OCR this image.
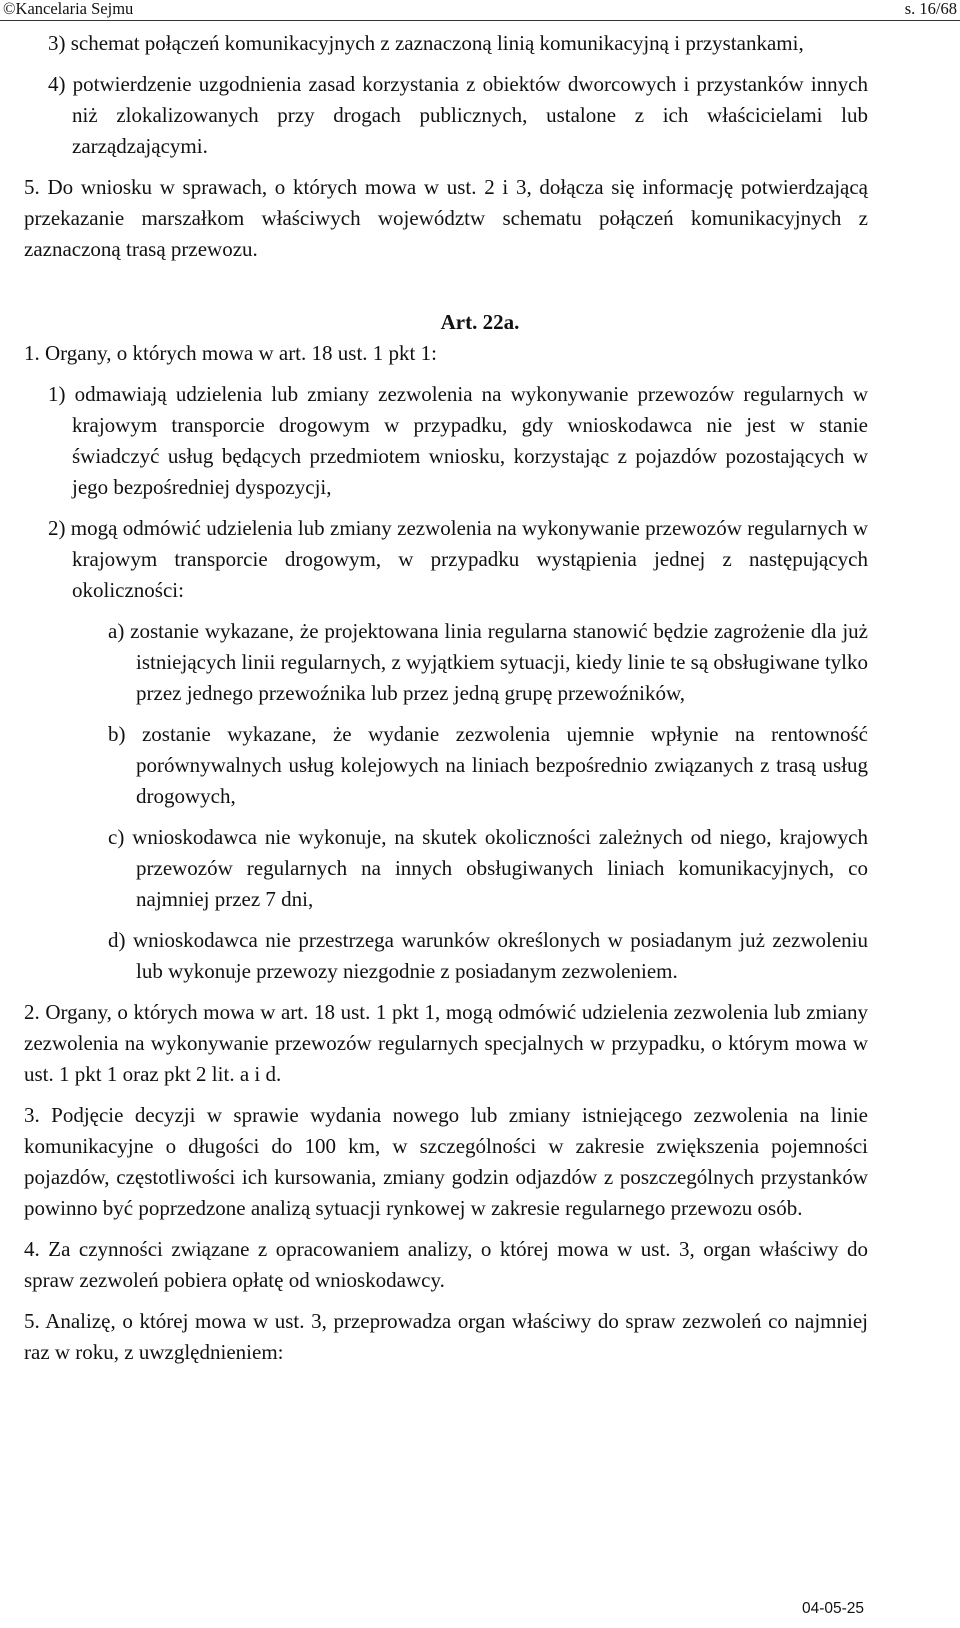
©Kancelaria Sejmu	s. 16/68

3) schemat połączeń komunikacyjnych z zaznaczoną linią komunikacyjną i przystankami,

4) potwierdzenie uzgodnienia zasad korzystania z obiektów dworcowych i przystanków innych niż zlokalizowanych przy drogach publicznych, ustalone z ich właścicielami lub zarządzającymi.

5. Do wniosku w sprawach, o których mowa w ust. 2 i 3, dołącza się informację potwierdzającą przekazanie marszałkom właściwych województw schematu połączeń komunikacyjnych z zaznaczoną trasą przewozu.

Art. 22a.

1. Organy, o których mowa w art. 18 ust. 1 pkt 1:

1) odmawiają udzielenia lub zmiany zezwolenia na wykonywanie przewozów regularnych w krajowym transporcie drogowym w przypadku, gdy wnioskodawca nie jest w stanie świadczyć usług będących przedmiotem wniosku, korzystając z pojazdów pozostających w jego bezpośredniej dyspozycji,

2) mogą odmówić udzielenia lub zmiany zezwolenia na wykonywanie przewozów regularnych w krajowym transporcie drogowym, w przypadku wystąpienia jednej z następujących okoliczności:

a) zostanie wykazane, że projektowana linia regularna stanowić będzie zagrożenie dla już istniejących linii regularnych, z wyjątkiem sytuacji, kiedy linie te są obsługiwane tylko przez jednego przewoźnika lub przez jedną grupę przewoźników,

b) zostanie wykazane, że wydanie zezwolenia ujemnie wpłynie na rentowność porównywalnych usług kolejowych na liniach bezpośrednio związanych z trasą usług drogowych,

c) wnioskodawca nie wykonuje, na skutek okoliczności zależnych od niego, krajowych przewozów regularnych na innych obsługiwanych liniach komunikacyjnych, co najmniej przez 7 dni,

d) wnioskodawca nie przestrzega warunków określonych w posiadanym już zezwoleniu lub wykonuje przewozy niezgodnie z posiadanym zezwoleniem.

2. Organy, o których mowa w art. 18 ust. 1 pkt 1, mogą odmówić udzielenia zezwolenia lub zmiany zezwolenia na wykonywanie przewozów regularnych specjalnych w przypadku, o którym mowa w ust. 1 pkt 1 oraz pkt 2 lit. a i d.

3. Podjęcie decyzji w sprawie wydania nowego lub zmiany istniejącego zezwolenia na linie komunikacyjne o długości do 100 km, w szczególności w zakresie zwiększenia pojemności pojazdów, częstotliwości ich kursowania, zmiany godzin odjazdów z poszczególnych przystanków powinno być poprzedzone analizą sytuacji rynkowej w zakresie regularnego przewozu osób.

4. Za czynności związane z opracowaniem analizy, o której mowa w ust. 3, organ właściwy do spraw zezwoleń pobiera opłatę od wnioskodawcy.

5. Analizę, o której mowa w ust. 3, przeprowadza organ właściwy do spraw zezwoleń co najmniej raz w roku, z uwzględnieniem:

04-05-25
